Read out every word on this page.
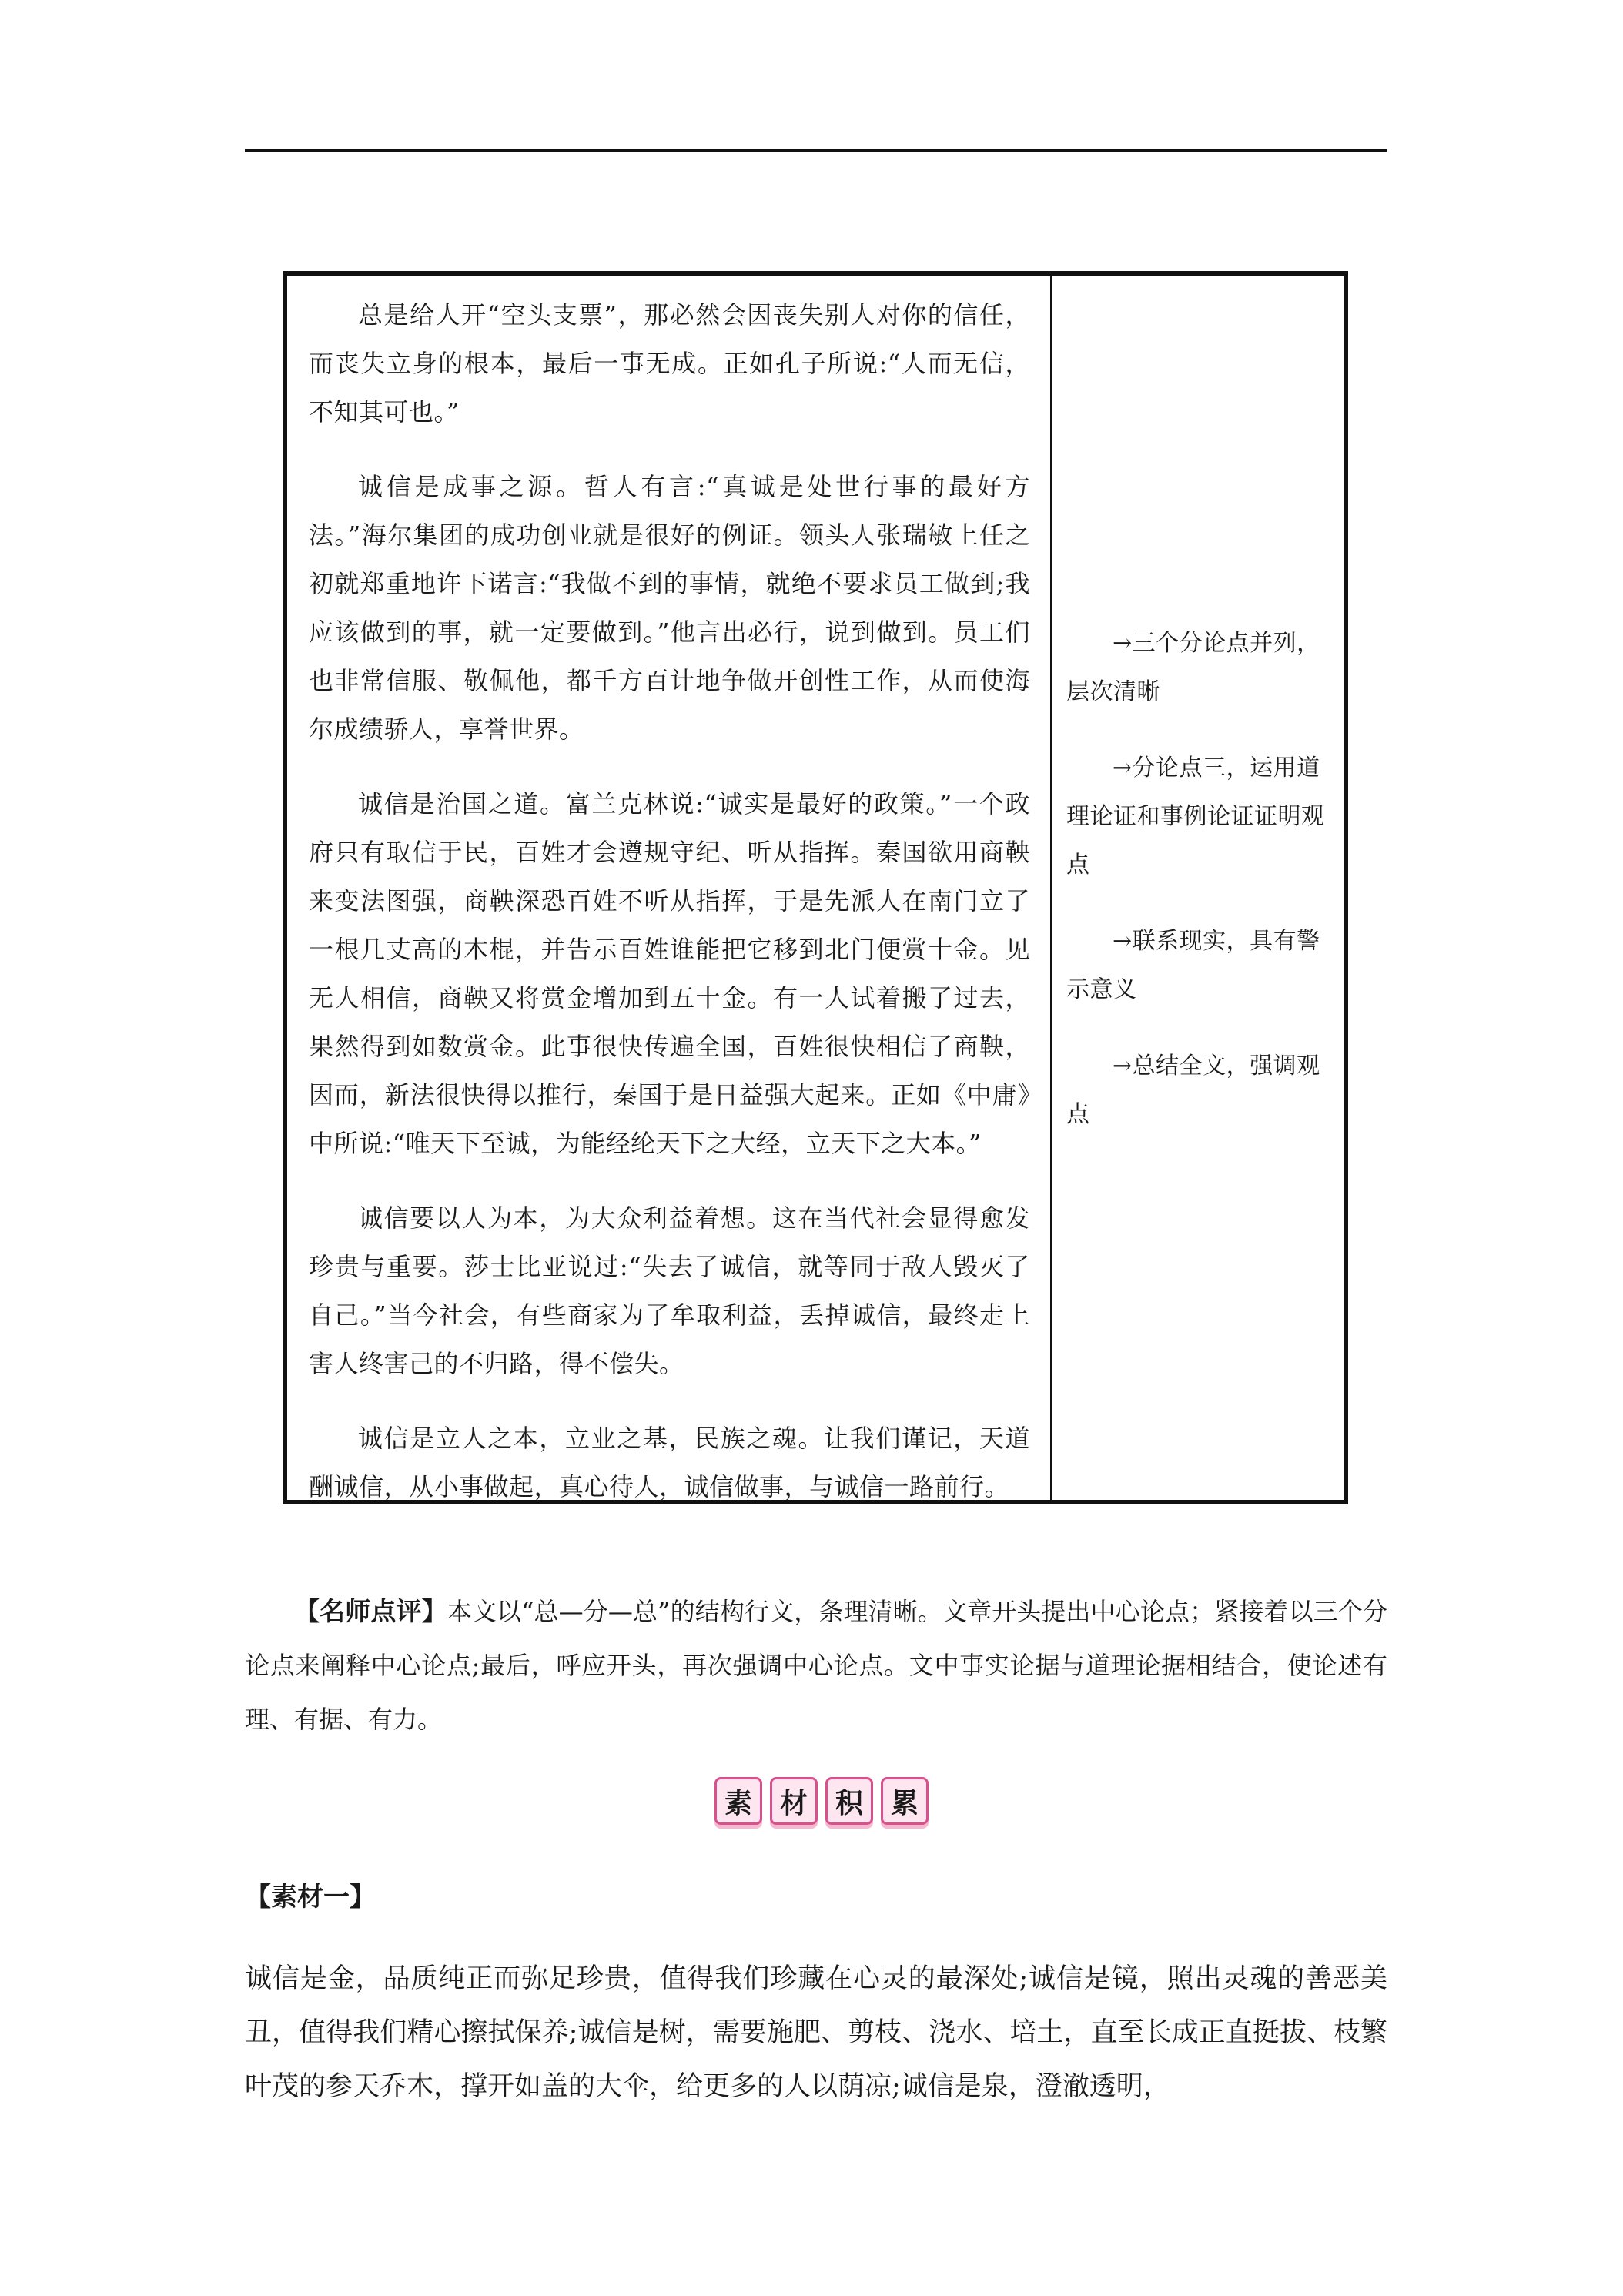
总是给人开“空头支票”，那必然会因丧失别人对你的信任，而丧失立身的根本，最后一事无成。正如孔子所说:“人而无信，不知其可也。”

诚信是成事之源。哲人有言:“真诚是处世行事的最好方法。”海尔集团的成功创业就是很好的例证。领头人张瑞敏上任之初就郑重地许下诺言:“我做不到的事情，就绝不要求员工做到;我应该做到的事，就一定要做到。”他言出必行，说到做到。员工们也非常信服、敬佩他，都千方百计地争做开创性工作，从而使海尔成绩骄人，享誉世界。

诚信是治国之道。富兰克林说:“诚实是最好的政策。”一个政府只有取信于民，百姓才会遵规守纪、听从指挥。秦国欲用商鞅来变法图强，商鞅深恐百姓不听从指挥，于是先派人在南门立了一根几丈高的木棍，并告示百姓谁能把它移到北门便赏十金。见无人相信，商鞅又将赏金增加到五十金。有一人试着搬了过去，果然得到如数赏金。此事很快传遍全国，百姓很快相信了商鞅，因而，新法很快得以推行，秦国于是日益强大起来。正如《中庸》中所说:“唯天下至诚，为能经纶天下之大经，立天下之大本。”

诚信要以人为本，为大众利益着想。这在当代社会显得愈发珍贵与重要。莎士比亚说过:“失去了诚信，就等同于敌人毁灭了自己。”当今社会，有些商家为了牟取利益，丢掉诚信，最终走上害人终害己的不归路，得不偿失。

诚信是立人之本，立业之基，民族之魂。让我们谨记，天道酬诚信，从小事做起，真心待人，诚信做事，与诚信一路前行。

→三个分论点并列，层次清晰

→分论点三，运用道理论证和事例论证证明观点

→联系现实，具有警示意义

→总结全文，强调观点

【名师点评】本文以“总—分—总”的结构行文，条理清晰。文章开头提出中心论点；紧接着以三个分论点来阐释中心论点;最后，呼应开头，再次强调中心论点。文中事实论据与道理论据相结合，使论述有理、有据、有力。

素 材 积 累

【素材一】

诚信是金，品质纯正而弥足珍贵，值得我们珍藏在心灵的最深处;诚信是镜，照出灵魂的善恶美丑，值得我们精心擦拭保养;诚信是树，需要施肥、剪枝、浇水、培土，直至长成正直挺拔、枝繁叶茂的参天乔木，撑开如盖的大伞，给更多的人以荫凉;诚信是泉，澄澈透明，
